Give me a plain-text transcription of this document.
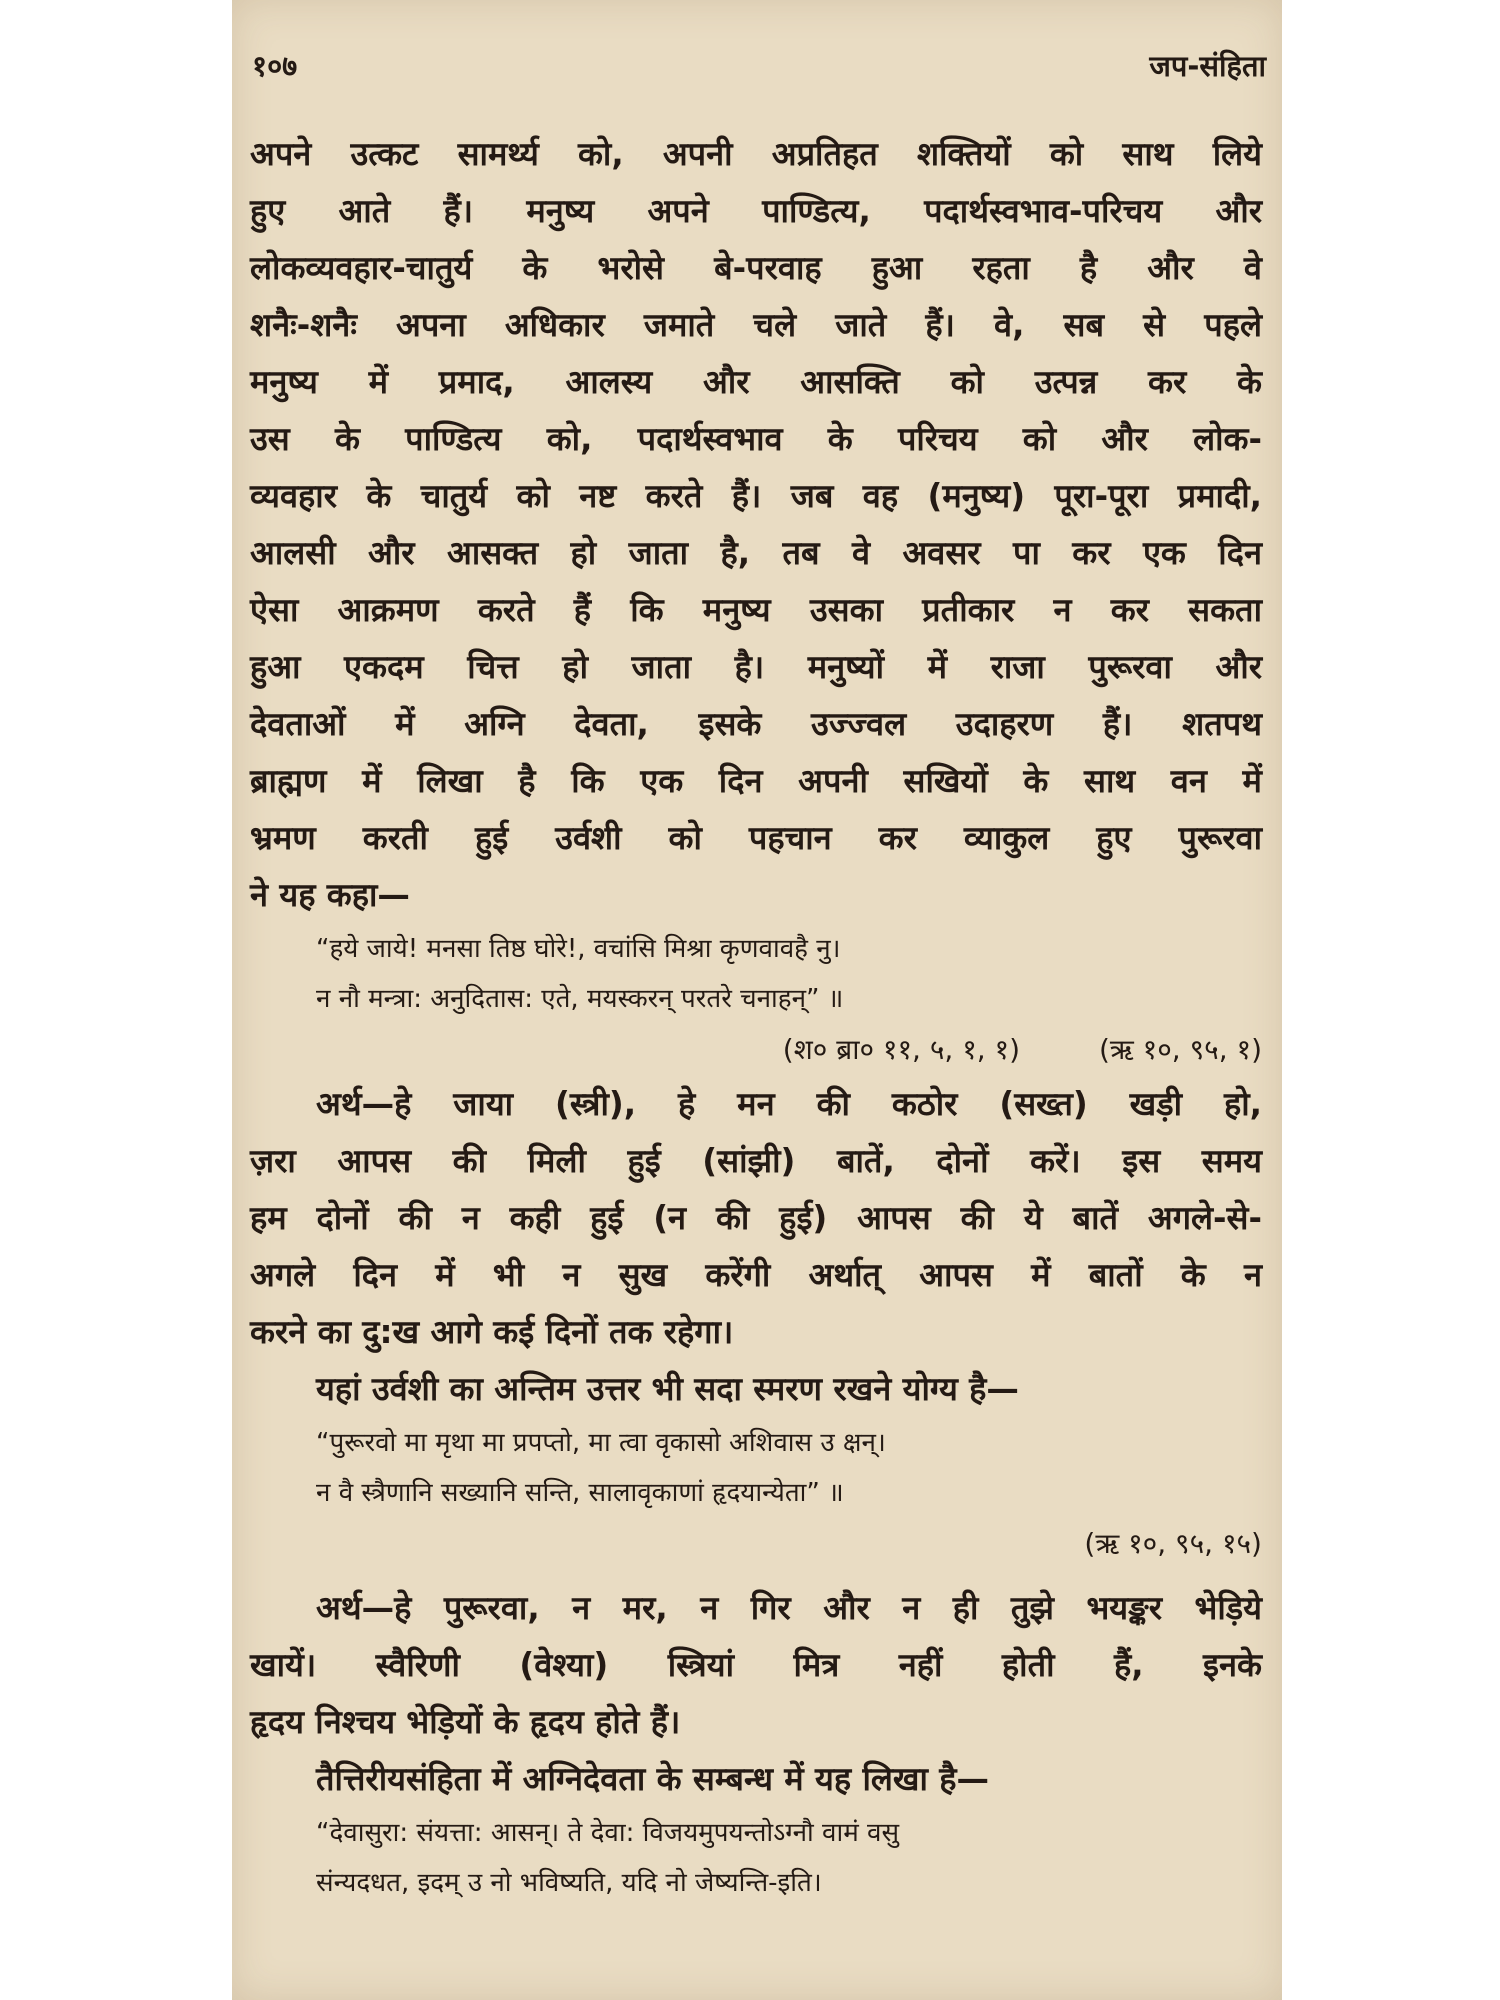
१०७	जप-संहिता

अपने उत्कट सामर्थ्य को, अपनी अप्रतिहत शक्तियों को साथ लिये

हुए आते हैं। मनुष्य अपने पाण्डित्य, पदार्थस्वभाव-परिचय और

लोकव्यवहार-चातुर्य के भरोसे बे-परवाह हुआ रहता है और वे

शनैः-शनैः अपना अधिकार जमाते चले जाते हैं। वे, सब से पहले

मनुष्य में प्रमाद, आलस्य और आसक्ति को उत्पन्न कर के

उस के पाण्डित्य को, पदार्थस्वभाव के परिचय को और लोक-

व्यवहार के चातुर्य को नष्ट करते हैं। जब वह (मनुष्य) पूरा-पूरा प्रमादी,

आलसी और आसक्त हो जाता है, तब वे अवसर पा कर एक दिन

ऐसा आक्रमण करते हैं कि मनुष्य उसका प्रतीकार न कर सकता

हुआ एकदम चित्त हो जाता है। मनुष्यों में राजा पुरूरवा और

देवताओं में अग्नि देवता, इसके उज्ज्वल उदाहरण हैं। शतपथ

ब्राह्मण में लिखा है कि एक दिन अपनी सखियों के साथ वन में

भ्रमण करती हुई उर्वशी को पहचान कर व्याकुल हुए पुरूरवा

ने यह कहा—

“हये जाये! मनसा तिष्ठ घोरे!, वचांसि मिश्रा कृणवावहै नु।

न नौ मन्त्रा: अनुदितास: एते, मयस्करन् परतरे चनाहन्” ॥

(श० ब्रा० ११, ५, १, १)	(ऋ १०, ९५, १)

अर्थ—हे जाया (स्त्री), हे मन की कठोर (सख्त) खड़ी हो,

ज़रा आपस की मिली हुई (सांझी) बातें, दोनों करें। इस समय

हम दोनों की न कही हुई (न की हुई) आपस की ये बातें अगले-से-

अगले दिन में भी न सुख करेंगी अर्थात् आपस में बातों के न

करने का दु:ख आगे कई दिनों तक रहेगा।

यहां उर्वशी का अन्तिम उत्तर भी सदा स्मरण रखने योग्य है—

“पुरूरवो मा मृथा मा प्रपप्तो, मा त्वा वृकासो अशिवास उ क्षन्।

न वै स्त्रैणानि सख्यानि सन्ति, सालावृकाणां हृदयान्येता” ॥

(ऋ १०, ९५, १५)

अर्थ—हे पुरूरवा, न मर, न गिर और न ही तुझे भयङ्कर भेड़िये

खायें। स्वैरिणी (वेश्या) स्त्रियां मित्र नहीं होती हैं, इनके

हृदय निश्चय भेड़ियों के हृदय होते हैं।

तैत्तिरीयसंहिता में अग्निदेवता के सम्बन्ध में यह लिखा है—

“देवासुरा: संयत्ता: आसन्। ते देवा: विजयमुपयन्तोऽग्नौ वामं वसु

संन्यदधत, इदम् उ नो भविष्यति, यदि नो जेष्यन्ति-इति।
